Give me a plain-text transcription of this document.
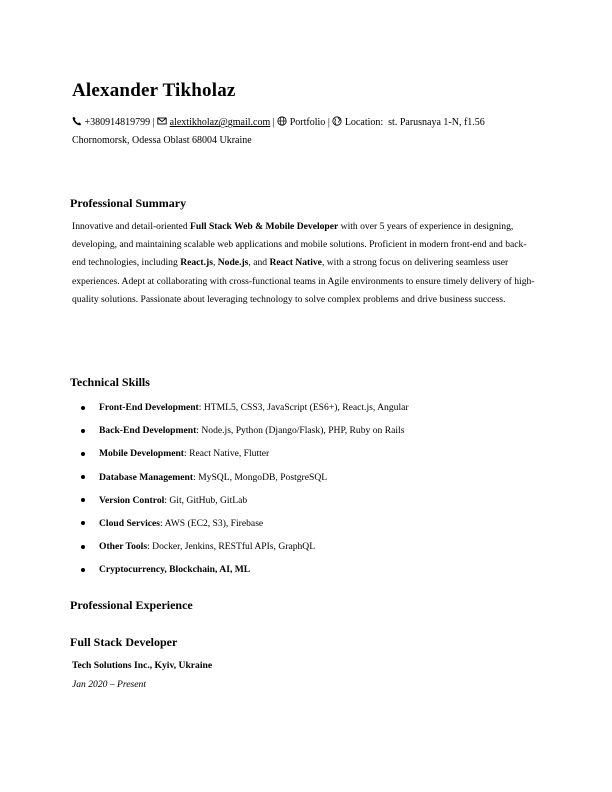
Alexander Tikholaz
+380914819799 | alextikholaz@gmail.com | Portfolio | Location: st. Parusnaya 1-N, f1.56 Chornomorsk, Odessa Oblast 68004 Ukraine
Professional Summary

Innovative and detail-oriented Full Stack Web & Mobile Developer with over 5 years of experience in designing, developing, and maintaining scalable web applications and mobile solutions. Proficient in modern front-end and back-end technologies, including React.js, Node.js, and React Native, with a strong focus on delivering seamless user experiences. Adept at collaborating with cross-functional teams in Agile environments to ensure timely delivery of high-quality solutions. Passionate about leveraging technology to solve complex problems and drive business success.

Technical Skills
Front-End Development: HTML5, CSS3, JavaScript (ES6+), React.js, Angular
Back-End Development: Node.js, Python (Django/Flask), PHP, Ruby on Rails
Mobile Development: React Native, Flutter
Database Management: MySQL, MongoDB, PostgreSQL
Version Control: Git, GitHub, GitLab
Cloud Services: AWS (EC2, S3), Firebase
Other Tools: Docker, Jenkins, RESTful APIs, GraphQL
Cryptocurrency, Blockchain, AI, ML
Professional Experience
Full Stack Developer
Tech Solutions Inc., Kyiv, Ukraine
Jan 2020 – Present
